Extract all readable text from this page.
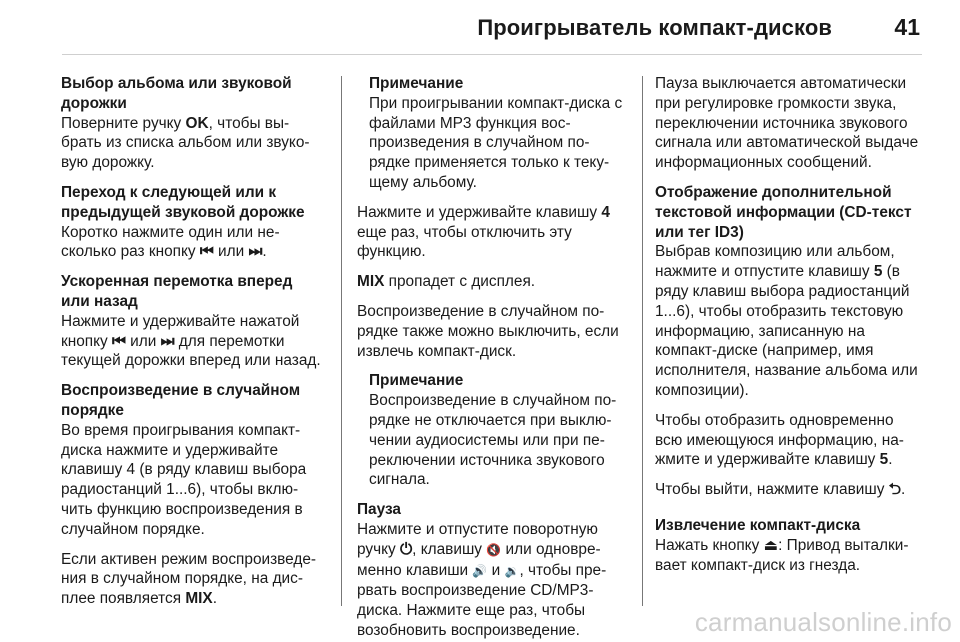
Проигрыватель компакт-дисков	41

Выбор альбома или звуковой дорожки

Поверните ручку OK, чтобы выбрать из списка альбом или звуковую дорожку.

Переход к следующей или к предыдущей звуковой дорожке

Коротко нажмите один или несколько раз кнопку ⏮ или ⏭.

Ускоренная перемотка вперед или назад

Нажмите и удерживайте нажатой кнопку ⏮ или ⏭ для перемотки текущей дорожки вперед или назад.

Воспроизведение в случайном порядке

Во время проигрывания компакт-диска нажмите и удерживайте клавишу 4 (в ряду клавиш выбора радиостанций 1...6), чтобы включить функцию воспроизведения в случайном порядке.

Если активен режим воспроизведения в случайном порядке, на дисплее появляется MIX.

Примечание

При проигрывании компакт-диска с файлами MP3 функция воспроизведения в случайном порядке применяется только к текущему альбому.

Нажмите и удерживайте клавишу 4 еще раз, чтобы отключить эту функцию.

MIX пропадет с дисплея.

Воспроизведение в случайном порядке также можно выключить, если извлечь компакт-диск.

Примечание

Воспроизведение в случайном порядке не отключается при выключении аудиосистемы или при переключении источника звукового сигнала.

Пауза

Нажмите и отпустите поворотную ручку ⏻, клавишу 🔇 или одновременно клавиши 🔊 и 🔉, чтобы прервать воспроизведение CD/MP3-диска. Нажмите еще раз, чтобы возобновить воспроизведение.

Пауза выключается автоматически при регулировке громкости звука, переключении источника звукового сигнала или автоматической выдаче информационных сообщений.

Отображение дополнительной текстовой информации (CD-текст или тег ID3)

Выбрав композицию или альбом, нажмите и отпустите клавишу 5 (в ряду клавиш выбора радиостанций 1...6), чтобы отобразить текстовую информацию, записанную на компакт-диске (например, имя исполнителя, название альбома или композиции).

Чтобы отобразить одновременно всю имеющуюся информацию, нажмите и удерживайте клавишу 5.

Чтобы выйти, нажмите клавишу ⮌.

Извлечение компакт-диска

Нажать кнопку ⏏: Привод выталкивает компакт-диск из гнезда.

carmanualsonline.info
